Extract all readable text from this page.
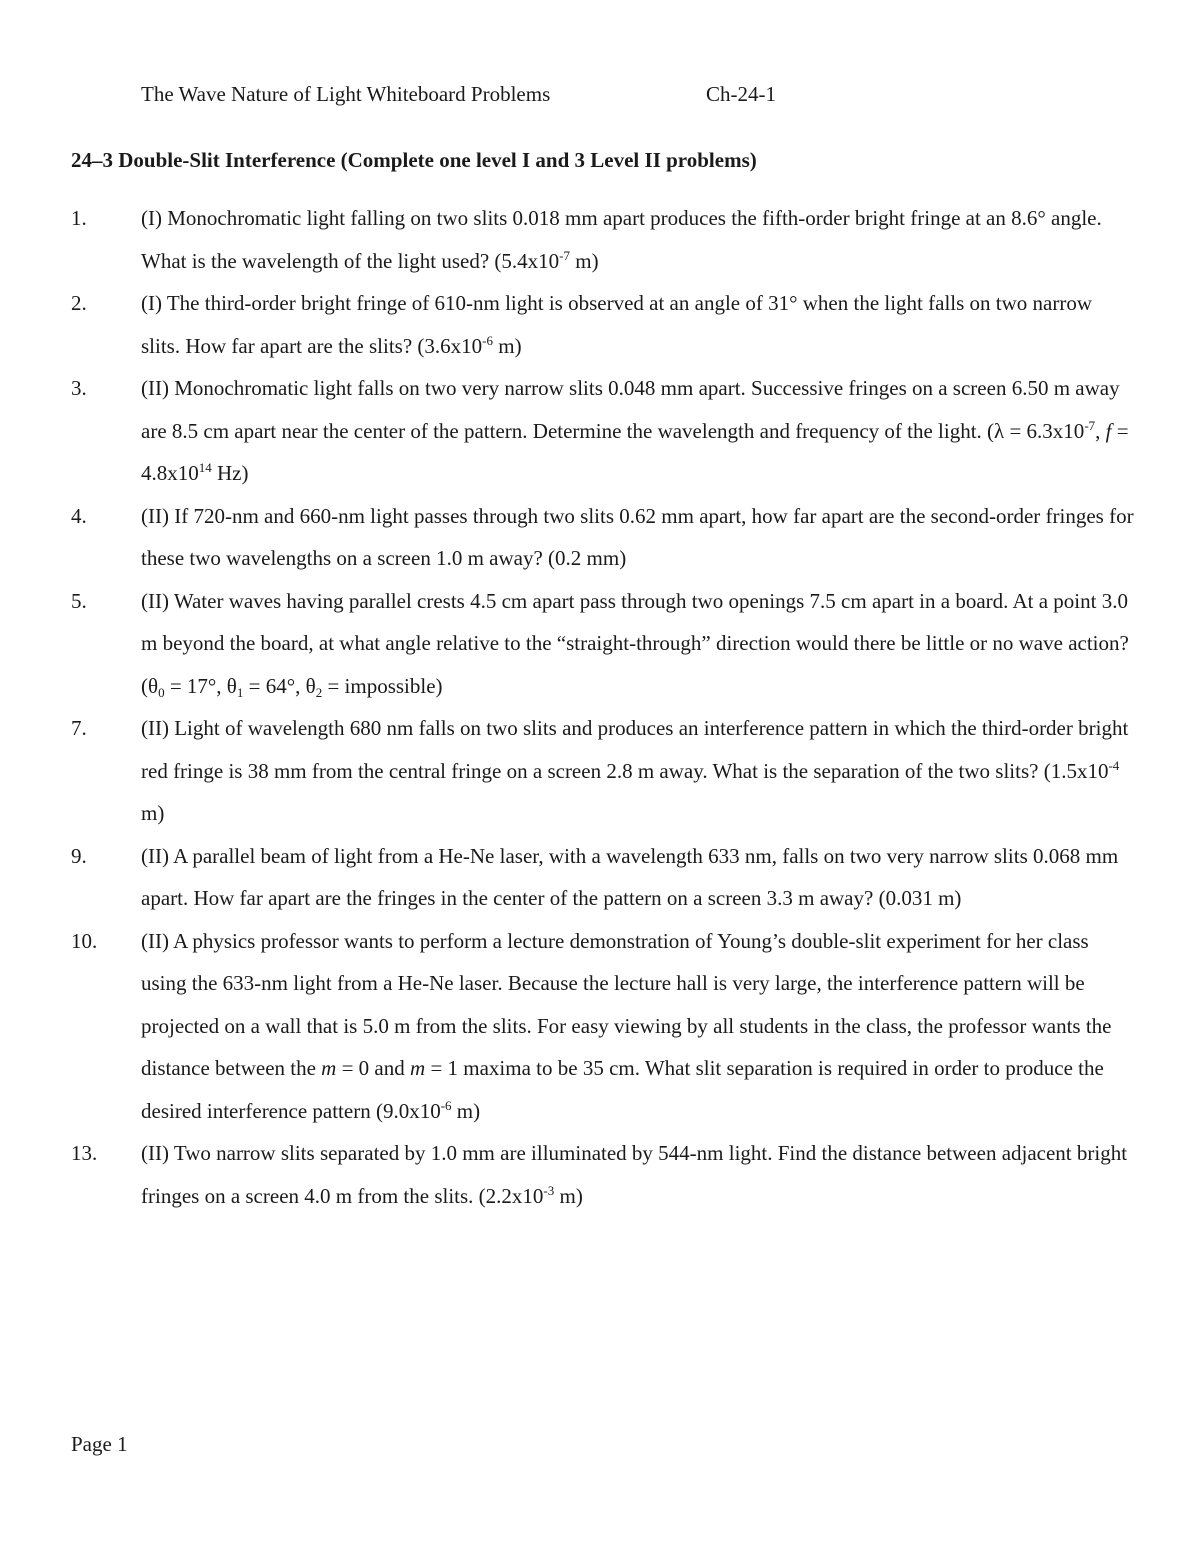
The Wave Nature of Light Whiteboard Problems	Ch-24-1
24–3 Double-Slit Interference (Complete one level I and 3 Level II problems)
1.	(I) Monochromatic light falling on two slits 0.018 mm apart produces the fifth-order bright fringe at an 8.6° angle. What is the wavelength of the light used? ($5.4x10^{-7}$ m)
2.	(I) The third-order bright fringe of 610-nm light is observed at an angle of 31° when the light falls on two narrow slits. How far apart are the slits? ($3.6x10^{-6}$ m)
3.	(II) Monochromatic light falls on two very narrow slits 0.048 mm apart. Successive fringes on a screen 6.50 m away are 8.5 cm apart near the center of the pattern. Determine the wavelength and frequency of the light. ($\lambda = 6.3x10^{-7}$, $f = 4.8x10^{14}$ Hz)
4.	(II) If 720-nm and 660-nm light passes through two slits 0.62 mm apart, how far apart are the second-order fringes for these two wavelengths on a screen 1.0 m away? (0.2 mm)
5.	(II) Water waves having parallel crests 4.5 cm apart pass through two openings 7.5 cm apart in a board. At a point 3.0 m beyond the board, at what angle relative to the “straight-through” direction would there be little or no wave action? ($\theta_0 = 17^\circ$, $\theta_1 = 64^\circ$, $\theta_2$ = impossible)
7.	(II) Light of wavelength 680 nm falls on two slits and produces an interference pattern in which the third-order bright red fringe is 38 mm from the central fringe on a screen 2.8 m away. What is the separation of the two slits? ($1.5x10^{-4}$ m)
9.	(II) A parallel beam of light from a He-Ne laser, with a wavelength 633 nm, falls on two very narrow slits 0.068 mm apart. How far apart are the fringes in the center of the pattern on a screen 3.3 m away? (0.031 m)
10. (II) A physics professor wants to perform a lecture demonstration of Young’s double-slit experiment for her class using the 633-nm light from a He-Ne laser. Because the lecture hall is very large, the interference pattern will be projected on a wall that is 5.0 m from the slits. For easy viewing by all students in the class, the professor wants the distance between the m = 0 and m = 1 maxima to be 35 cm. What slit separation is required in order to produce the desired interference pattern ($9.0x10^{-6}$ m)
13. (II) Two narrow slits separated by 1.0 mm are illuminated by 544-nm light. Find the distance between adjacent bright fringes on a screen 4.0 m from the slits. ($2.2x10^{-3}$ m)
Page 1
